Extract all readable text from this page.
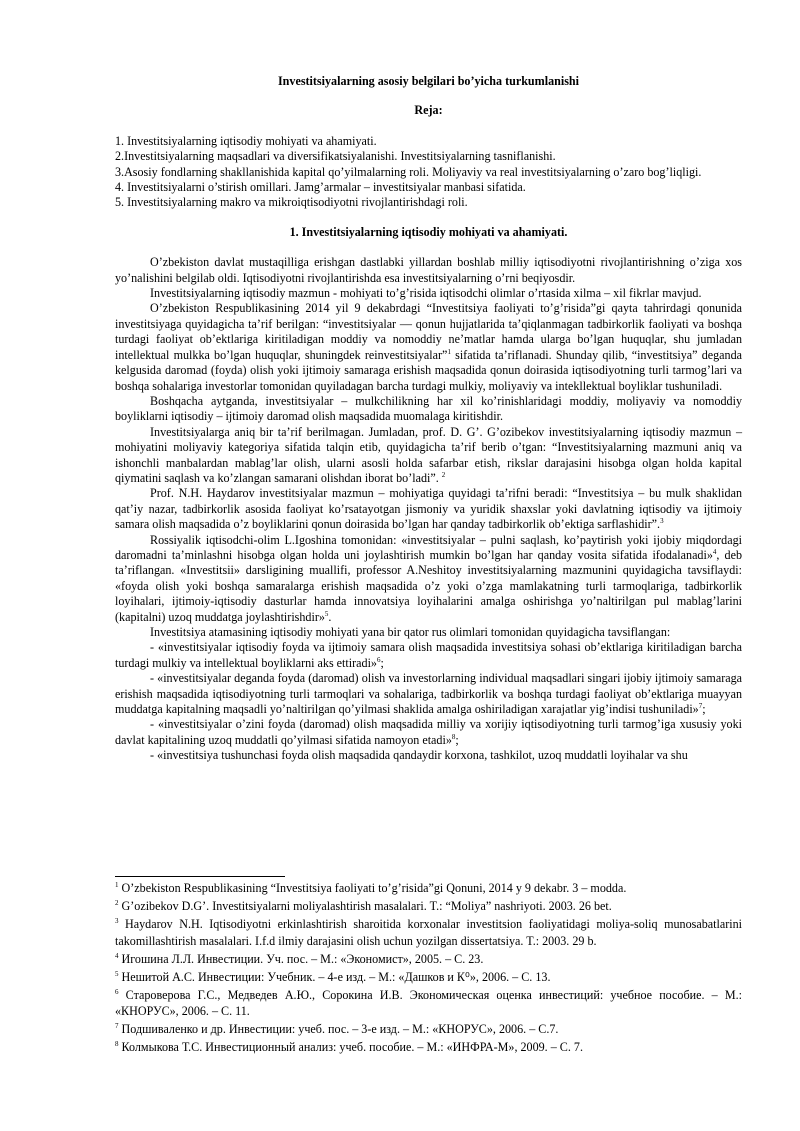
Investitsiyalarning asosiy belgilari bo’yicha turkumlanishi
Reja:

1. Investitsiyalarning iqtisodiy mohiyati va ahamiyati.

2.Investitsiyalarning maqsadlari va diversifikatsiyalanishi. Investitsiyalarning tasniflanishi.

3.Asosiy fondlarning shakllanishida kapital qo’yilmalarning roli. Moliyaviy va real investitsiyalarning o’zaro bog’liqligi.

4. Investitsiyalarni o’stirish omillari. Jamg’armalar – investitsiyalar manbasi sifatida.

5. Investitsiyalarning makro va mikroiqtisodiyotni rivojlantirishdagi roli.

1. Investitsiyalarning iqtisodiy mohiyati va ahamiyati.

O’zbekiston davlat mustaqilliga erishgan dastlabki yillardan boshlab milliy iqtisodiyotni rivojlantirishning o’ziga xos yo’nalishini belgilab oldi. Iqtisodiyotni rivojlantirishda esa investitsiyalarning o’rni beqiyosdir.

Investitsiyalarning iqtisodiy mazmun - mohiyati to’g’risida iqtisodchi olimlar o’rtasida xilma – xil fikrlar mavjud.

O’zbekiston Respublikasining 2014 yil 9 dekabrdagi “Investitsiya faoliyati to’g’risida”gi qayta tahrirdagi qonunida investitsiyaga quyidagicha ta’rif berilgan: “investitsiyalar — qonun hujjatlarida ta’qiqlanmagan tadbirkorlik faoliyati va boshqa turdagi faoliyat ob’ektlariga kiritiladigan moddiy va nomoddiy ne’matlar hamda ularga bo’lgan huquqlar, shu jumladan intellektual mulkka bo’lgan huquqlar, shuningdek reinvestitsiyalar”$^1$ sifatida ta’riflanadi. Shunday qilib, “investitsiya” deganda kelgusida daromad (foyda) olish yoki ijtimoiy samaraga erishish maqsadida qonun doirasida iqtisodiyotning turli tarmog’lari va boshqa sohalariga investorlar tomonidan quyiladagan barcha turdagi mulkiy, moliyaviy va intekllektual boyliklar tushuniladi.

Boshqacha aytganda, investitsiyalar – mulkchilikning har xil ko’rinishlaridagi moddiy, moliyaviy va nomoddiy boyliklarni iqtisodiy – ijtimoiy daromad olish maqsadida muomalaga kiritishdir.

Investitsiyalarga aniq bir ta’rif berilmagan. Jumladan, prof. D. G’. G’ozibekov investitsiyalarning iqtisodiy mazmun – mohiyatini moliyaviy kategoriya sifatida talqin etib, quyidagicha ta’rif berib o’tgan: “Investitsiyalarning mazmuni aniq va ishonchli manbalardan mablag’lar olish, ularni asosli holda safarbar etish, rikslar darajasini hisobga olgan holda kapital qiymatini saqlash va ko’zlangan samarani olishdan iborat bo’ladi”. $^2$

Prof. N.H. Haydarov investitsiyalar mazmun – mohiyatiga quyidagi ta’rifni beradi: “Investitsiya – bu mulk shaklidan qat’iy nazar, tadbirkorlik asosida faoliyat ko’rsatayotgan jismoniy va yuridik shaxslar yoki davlatning iqtisodiy va ijtimoiy samara olish maqsadida o’z boyliklarini qonun doirasida bo’lgan har qanday tadbirkorlik ob’ektiga sarflashidir”.$^3$

Rossiyalik iqtisodchi-olim L.Igoshina tomonidan: «investitsiyalar – pulni saqlash, ko’paytirish yoki ijobiy miqdordagi daromadni ta’minlashni hisobga olgan holda uni joylashtirish mumkin bo’lgan har qanday vosita sifatida ifodalanadi»$^4$, deb ta’riflangan. «Investitsii» darsligining muallifi, professor A.Neshitoy investitsiyalarning mazmunini quyidagicha tavsiflaydi: «foyda olish yoki boshqa samaralarga erishish maqsadida o’z yoki o’zga mamlakatning turli tarmoqlariga, tadbirkorlik loyihalari, ijtimoiy-iqtisodiy dasturlar hamda innovatsiya loyihalarini amalga oshirishga yo’naltirilgan pul mablag’larini (kapitalni) uzoq muddatga joylashtirishdir»$^5$.

Investitsiya atamasining iqtisodiy mohiyati yana bir qator rus olimlari tomonidan quyidagicha tavsiflangan:

- «investitsiyalar iqtisodiy foyda va ijtimoiy samara olish maqsadida investitsiya sohasi ob’ektlariga kiritiladigan barcha turdagi mulkiy va intellektual boyliklarni aks ettiradi»$^6$;

- «investitsiyalar deganda foyda (daromad) olish va investorlarning individual maqsadlari singari ijobiy ijtimoiy samaraga erishish maqsadida iqtisodiyotning turli tarmoqlari va sohalariga, tadbirkorlik va boshqa turdagi faoliyat ob’ektlariga muayyan muddatga kapitalning maqsadli yo’naltirilgan qo’yilmasi shaklida amalga oshiriladigan xarajatlar yig’indisi tushuniladi»$^7$;

- «investitsiyalar o’zini foyda (daromad) olish maqsadida milliy va xorijiy iqtisodiyotning turli tarmog’iga xususiy yoki davlat kapitalining uzoq muddatli qo’yilmasi sifatida namoyon etadi»$^8$;

- «investitsiya tushunchasi foyda olish maqsadida qandaydir korxona, tashkilot, uzoq muddatli loyihalar va shu

$^1$ O’zbekiston Respublikasining “Investitsiya faoliyati to’g’risida”gi Qonuni, 2014 y 9 dekabr. 3 – modda.

$^2$ G’ozibekov D.G’. Investitsiyalarni moliyalashtirish masalalari. T.: “Moliya” nashriyoti. 2003. 26 bet.

$^3$ Haydarov N.H. Iqtisodiyotni erkinlashtirish sharoitida korxonalar investitsion faoliyatidagi moliya-soliq munosabatlarini takomillashtirish masalalari. I.f.d ilmiy darajasini olish uchun yozilgan dissertatsiya. T.: 2003. 29 b.

$^4$ Игошина Л.Л. Инвестиции. Уч. пос. – М.: «Экономист», 2005. – С. 23.

$^5$ Нешитой А.С. Инвестиции: Учебник. – 4-е изд. – М.: «Дашков и К⁰», 2006. – С. 13.

$^6$ Староверова Г.С., Медведев А.Ю., Сорокина И.В. Экономическая оценка инвестиций: учебное пособие. – М.: «КНОРУС», 2006. – С. 11.

$^7$ Подшиваленко и др. Инвестиции: учеб. пос. – 3-е изд. – М.: «КНОРУС», 2006. – С.7.

$^8$ Колмыкова Т.С. Инвестиционный анализ: учеб. пособие. – М.: «ИНФРА-М», 2009. – С. 7.
